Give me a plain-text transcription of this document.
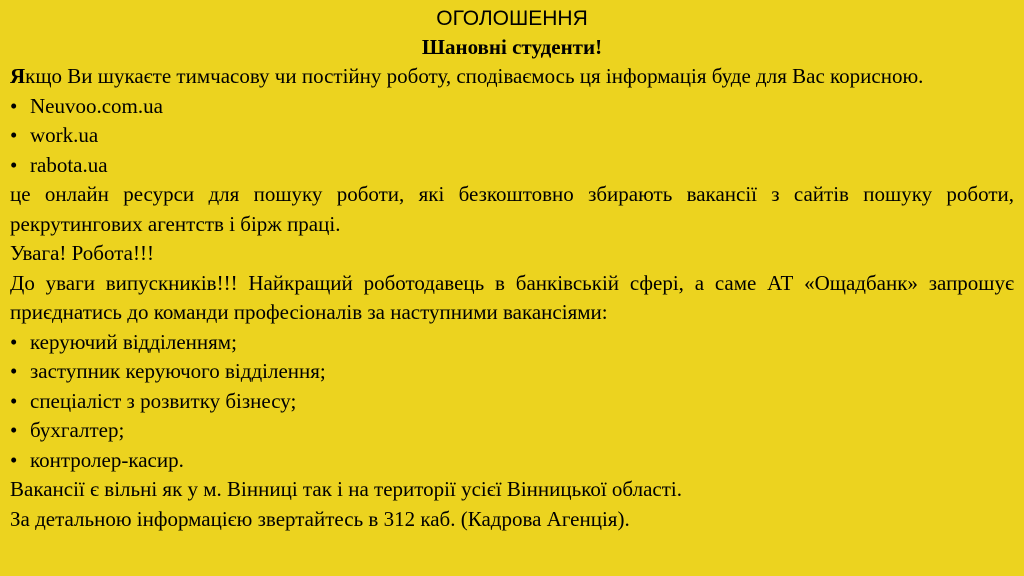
ОГОЛОШЕННЯ

Шановні студенти!

Якщо Ви шукаєте тимчасову чи постійну роботу, сподіваємось ця інформація буде для Вас корисною.

• Neuvoo.com.ua
• work.ua
• rabota.ua

це онлайн ресурси для пошуку роботи, які безкоштовно збирають вакансії з сайтів пошуку роботи, рекрутингових агентств і бірж праці.

Увага! Робота!!!

До уваги випускників!!! Найкращий роботодавець в банківській сфері, а саме АТ «Ощадбанк» запрошує приєднатись до команди професіоналів за наступними вакансіями:

• керуючий відділенням;
• заступник керуючого відділення;
• спеціаліст з розвитку бізнесу;
• бухгалтер;
• контролер-касир.

Вакансії є вільні як у м. Вінниці так і на території усієї Вінницької області.

За детальною інформацією звертайтесь в 312 каб. (Кадрова Агенція).
